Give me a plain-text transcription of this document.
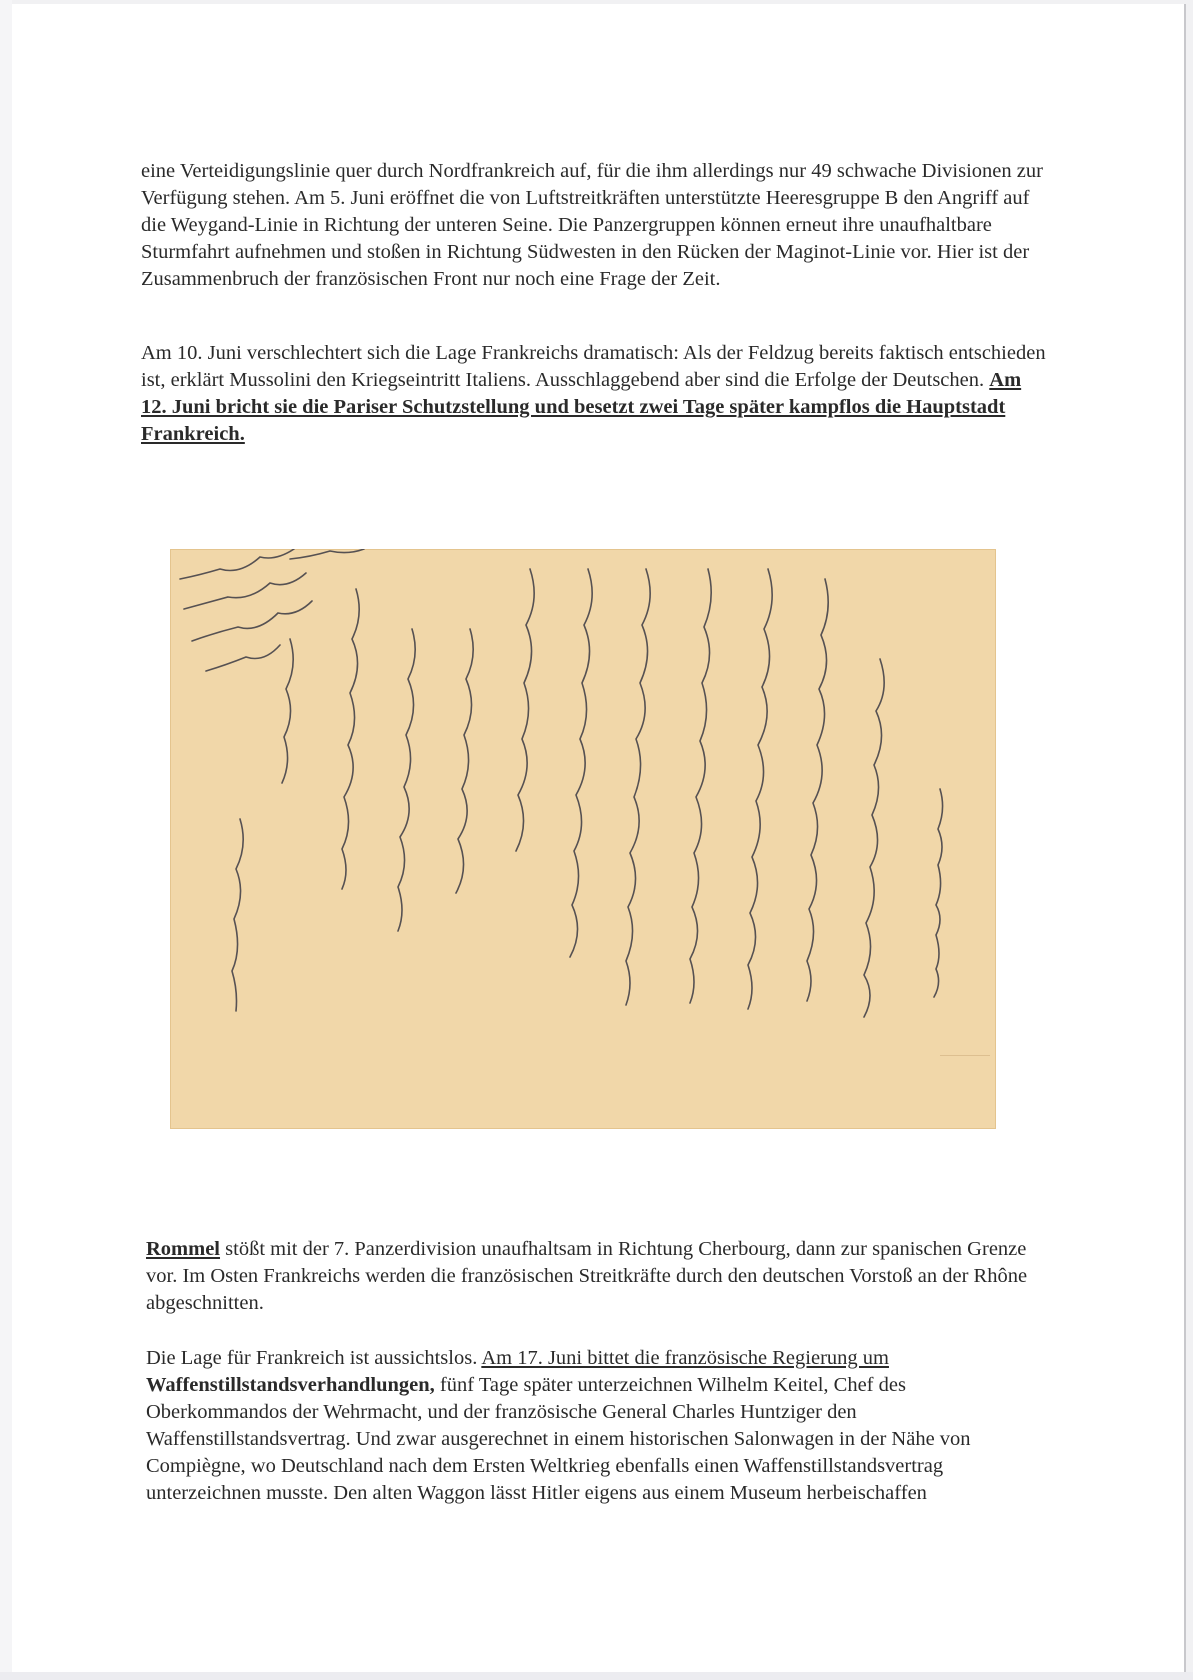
eine Verteidigungslinie quer durch Nordfrankreich auf, für die ihm allerdings nur 49 schwache Divisionen zur Verfügung stehen. Am 5. Juni eröffnet die von Luftstreitkräften unterstützte Heeresgruppe B den Angriff auf die Weygand-Linie in Richtung der unteren Seine. Die Panzergruppen können erneut ihre unaufhaltbare Sturmfahrt aufnehmen und stoßen in Richtung Südwesten in den Rücken der Maginot-Linie vor. Hier ist der Zusammenbruch der französischen Front nur noch eine Frage der Zeit.

Am 10. Juni verschlechtert sich die Lage Frankreichs dramatisch: Als der Feldzug bereits faktisch entschieden ist, erklärt Mussolini den Kriegseintritt Italiens. Ausschlaggebend aber sind die Erfolge der Deutschen. Am 12. Juni bricht sie die Pariser Schutzstellung und besetzt zwei Tage später kampflos die Hauptstadt Frankreich.

Rommel stößt mit der 7. Panzerdivision unaufhaltsam in Richtung Cherbourg, dann zur spanischen Grenze vor. Im Osten Frankreichs werden die französischen Streitkräfte durch den deutschen Vorstoß an der Rhône abgeschnitten.

Die Lage für Frankreich ist aussichtslos. Am 17. Juni bittet die französische Regierung um Waffenstillstandsverhandlungen, fünf Tage später unterzeichnen Wilhelm Keitel, Chef des Oberkommandos der Wehrmacht, und der französische General Charles Huntziger den Waffenstillstandsvertrag. Und zwar ausgerechnet in einem historischen Salonwagen in der Nähe von Compiègne, wo Deutschland nach dem Ersten Weltkrieg ebenfalls einen Waffenstillstandsvertrag unterzeichnen musste. Den alten Waggon lässt Hitler eigens aus einem Museum herbeischaffen
